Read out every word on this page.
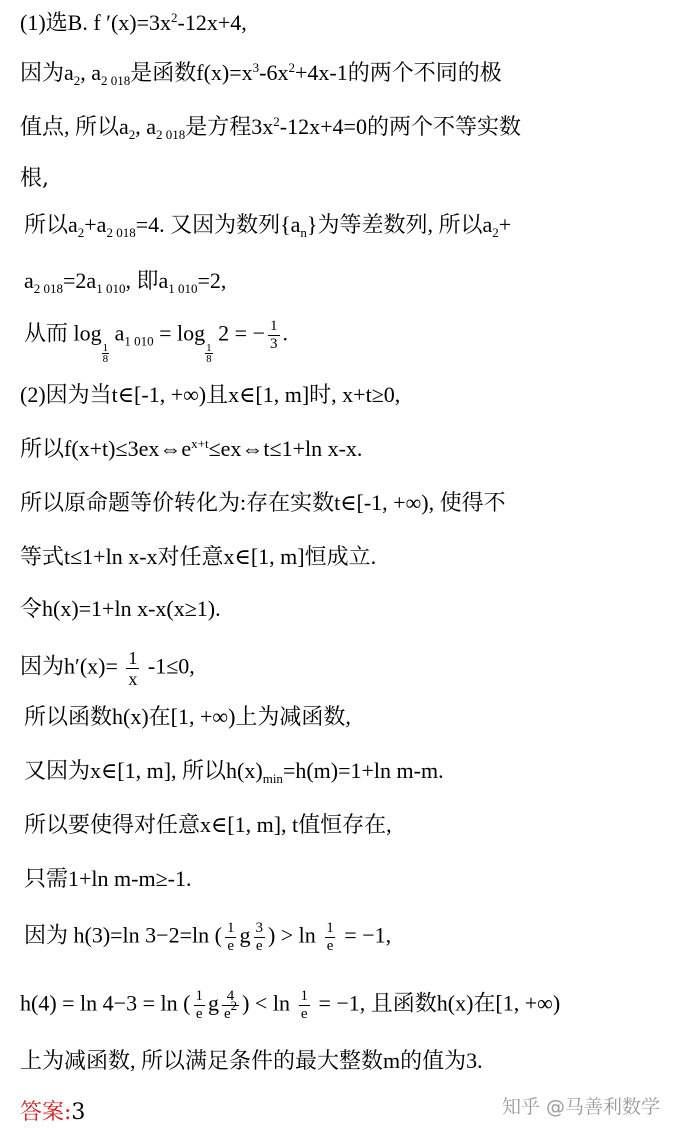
(1)选B. f $'(x)=3x^2-12x+4$,
因为$a_2$, $a_{2 018}$是函数$f(x)=x^3-6x^2+4x-1$的两个不同的极
值点, 所以$a_2$, $a_{2 018}$是方程$3x^2-12x+4=0$的两个不等实数
根,
所以$a_2+a_{2 018}=4$. 又因为数列$\{a_n\}$为等差数列, 所以$a_2+$
$a_{2 018}=2a_{1 010}$, 即$a_{1 010}=2$,
从而 log
$\frac{1}{8}$
$a_{1 010} = \log$
$\frac{1}{8}$
2 = − $\frac{1}{3}$ .
(2)因为当t∈[-1, +∞)且x∈[1, m]时, x+t≥0,
所以$f(x+t)\le 3ex\Leftrightarrow e^{x+t}\le ex\Leftrightarrow t\le 1+\ln$ x-x.
所以原命题等价转化为:存在实数t∈[-1, +∞), 使得不
等式t≤1+ln x-x对任意x∈[1, m]恒成立.
令h(x)=1+ln x-x(x≥1).
因为$h'(x)= \frac{1}{x} -1\le 0$,
所以函数h(x)在[1, +∞)上为减函数,
又因为x∈[1, m], 所以$h(x)_{min}=h(m)=1+\ln$ m-m.
所以要使得对任意x∈[1, m], t值恒存在,
只需1+ln m-m≥-1.
因为 h(3)=ln 3−2=ln ( $\frac{1}{e}$ g $\frac{3}{e}$ ) > $\ln \frac{1}{e} = -1$,
h(4) = ln 4−3 = ln ( $\frac{1}{e}$ g $\frac{4}{e^2}$ ) < $\ln \frac{1}{e} = -1$, 且函数h(x)在[1, +∞)
上为减函数, 所以满足条件的最大整数m的值为3.
答案:3	知乎 @马善利数学
